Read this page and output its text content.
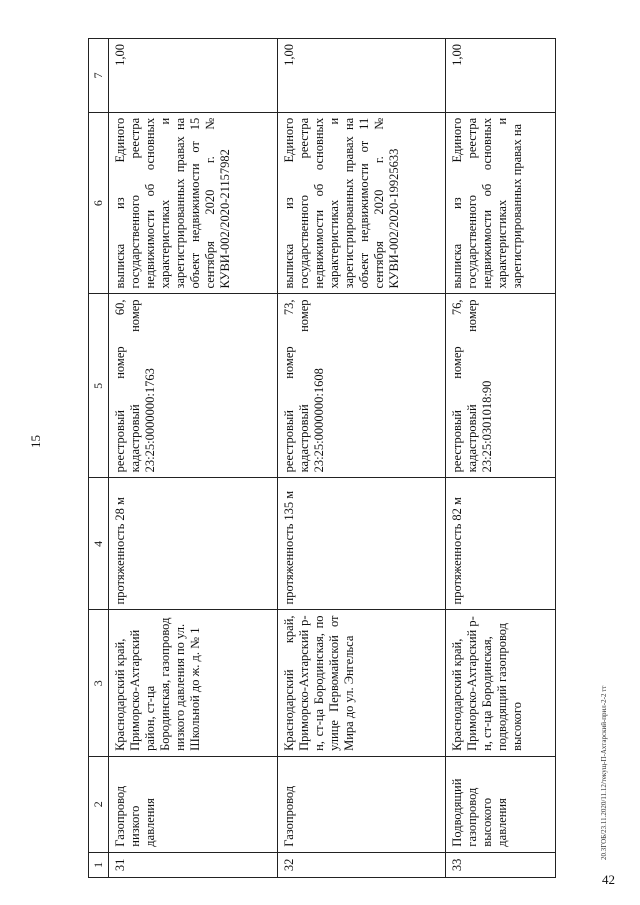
15
1	2	3	4	5	6	7
31	Газопровод низкого давления	Краснодарский край, Приморско-Ахтарский район, ст-ца Бородинская, газопровод низкого давления по ул. Школьной до ж. д. № 1	протяженность 28 м	реестровый номер 60, кадастровый номер 23:25:0000000:1763	выписка из Единого государственного реестра недвижимости об основных характеристиках и зарегистрированных правах на объект недвижимости от 15 сентября 2020 г. № КУВИ-002/2020-21157982	1,00
32	Газопровод	Краснодарский край, Приморско-Ахтарский р-н, ст-ца Бородинская, по улице Первомайской от Мира до ул. Энгельса	протяженность 135 м	реестровый номер 73, кадастровый номер 23:25:0000000:1608	выписка из Единого государственного реестра недвижимости об основных характеристиках и зарегистрированных правах на объект недвижимости от 11 сентября 2020 г. № КУВИ-002/2020-19925633	1,00
33	Подводящий газопровод высокого давления	Краснодарский край, Приморско-Ахтарский р-н, ст-ца Бородинская, подводящий газопровод высокого	протяженность 82 м	реестровый номер 76, кадастровый номер 23:25:0301018:90	выписка из Единого государственного реестра недвижимости об основных характеристиках и зарегистрированных правах на	1,00
20.ЗГОБ/23.11.2020/11.12/текущ-П-Ахтарский-прил-2-2 тт
42
